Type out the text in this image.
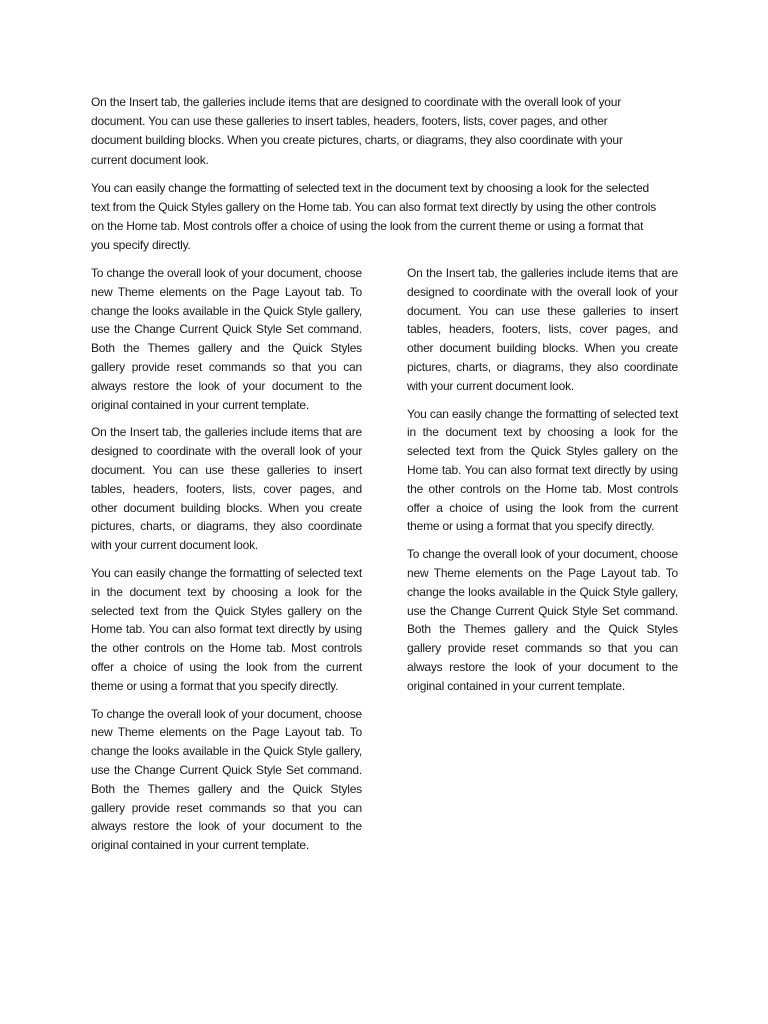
On the Insert tab, the galleries include items that are designed to coordinate with the overall look of your document. You can use these galleries to insert tables, headers, footers, lists, cover pages, and other document building blocks. When you create pictures, charts, or diagrams, they also coordinate with your current document look.

You can easily change the formatting of selected text in the document text by choosing a look for the selected text from the Quick Styles gallery on the Home tab. You can also format text directly by using the other controls on the Home tab. Most controls offer a choice of using the look from the current theme or using a format that you specify directly.

To change the overall look of your document, choose new Theme elements on the Page Layout tab. To change the looks available in the Quick Style gallery, use the Change Current Quick Style Set command. Both the Themes gallery and the Quick Styles gallery provide reset commands so that you can always restore the look of your document to the original contained in your current template.

On the Insert tab, the galleries include items that are designed to coordinate with the overall look of your document. You can use these galleries to insert tables, headers, footers, lists, cover pages, and other document building blocks. When you create pictures, charts, or diagrams, they also coordinate with your current document look.

You can easily change the formatting of selected text in the document text by choosing a look for the selected text from the Quick Styles gallery on the Home tab. You can also format text directly by using the other controls on the Home tab. Most controls offer a choice of using the look from the current theme or using a format that you specify directly.

To change the overall look of your document, choose new Theme elements on the Page Layout tab. To change the looks available in the Quick Style gallery, use the Change Current Quick Style Set command. Both the Themes gallery and the Quick Styles gallery provide reset commands so that you can always restore the look of your document to the original contained in your current template.

On the Insert tab, the galleries include items that are designed to coordinate with the overall look of your document. You can use these galleries to insert tables, headers, footers, lists, cover pages, and other document building blocks. When you create pictures, charts, or diagrams, they also coordinate with your current document look.

You can easily change the formatting of selected text in the document text by choosing a look for the selected text from the Quick Styles gallery on the Home tab. You can also format text directly by using the other controls on the Home tab. Most controls offer a choice of using the look from the current theme or using a format that you specify directly.

To change the overall look of your document, choose new Theme elements on the Page Layout tab. To change the looks available in the Quick Style gallery, use the Change Current Quick Style Set command. Both the Themes gallery and the Quick Styles gallery provide reset commands so that you can always restore the look of your document to the original contained in your current template.
